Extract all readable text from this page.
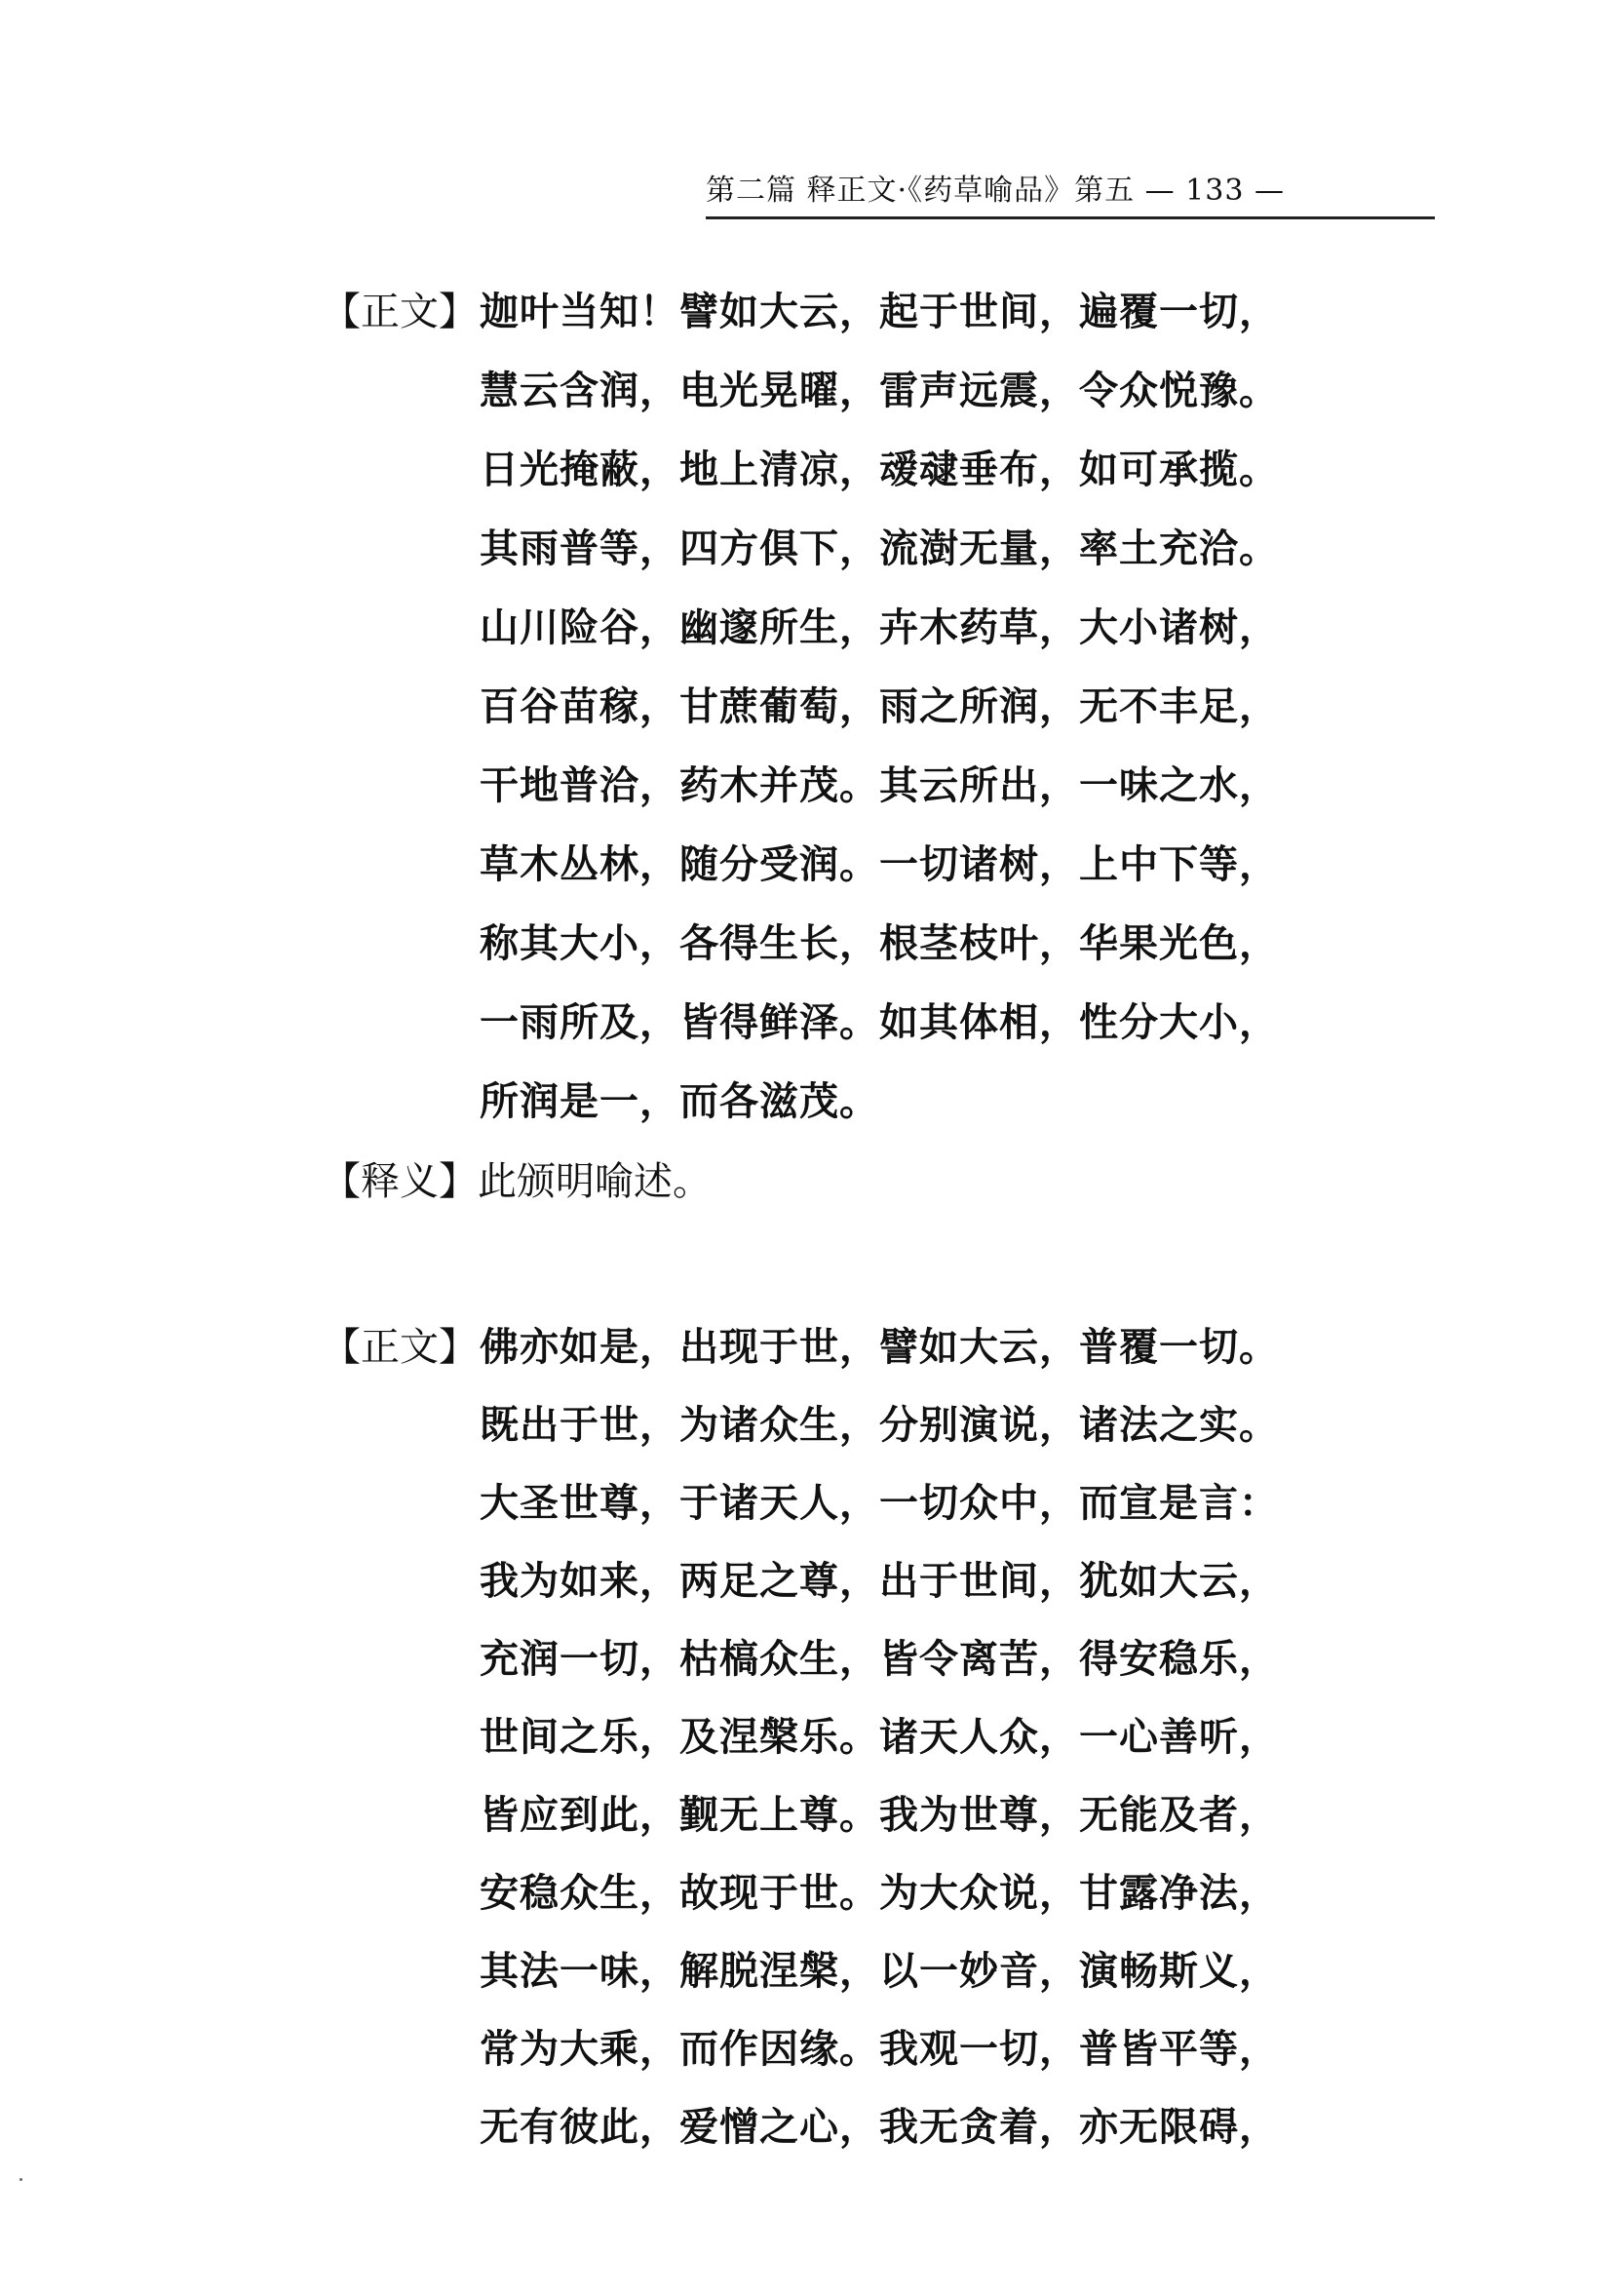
第二篇 释正文·《药草喻品》第五 — 133 —
【正文】 迦叶当知！譬如大云，起于世间，遍覆一切，
慧云含润，电光晃曜，雷声远震，令众悦豫。
日光掩蔽，地上清凉，叆叇垂布，如可承揽。
其雨普等，四方俱下，流澍无量，率土充洽。
山川险谷，幽邃所生，卉木药草，大小诸树，
百谷苗稼，甘蔗葡萄，雨之所润，无不丰足，
干地普洽，药木并茂。其云所出，一味之水，
草木丛林，随分受润。一切诸树，上中下等，
称其大小，各得生长，根茎枝叶，华果光色，
一雨所及，皆得鲜泽。如其体相，性分大小，
所润是一，而各滋茂。
【释义】此颁明喻述。
【正文】 佛亦如是，出现于世，譬如大云，普覆一切。
既出于世，为诸众生，分别演说，诸法之实。
大圣世尊，于诸天人，一切众中，而宣是言：
我为如来，两足之尊，出于世间，犹如大云，
充润一切，枯槁众生，皆令离苦，得安稳乐，
世间之乐，及涅槃乐。诸天人众，一心善听，
皆应到此，觐无上尊。我为世尊，无能及者，
安稳众生，故现于世。为大众说，甘露净法，
其法一味，解脱涅槃，以一妙音，演畅斯义，
常为大乘，而作因缘。我观一切，普皆平等，
无有彼此，爱憎之心，我无贪着，亦无限碍，
